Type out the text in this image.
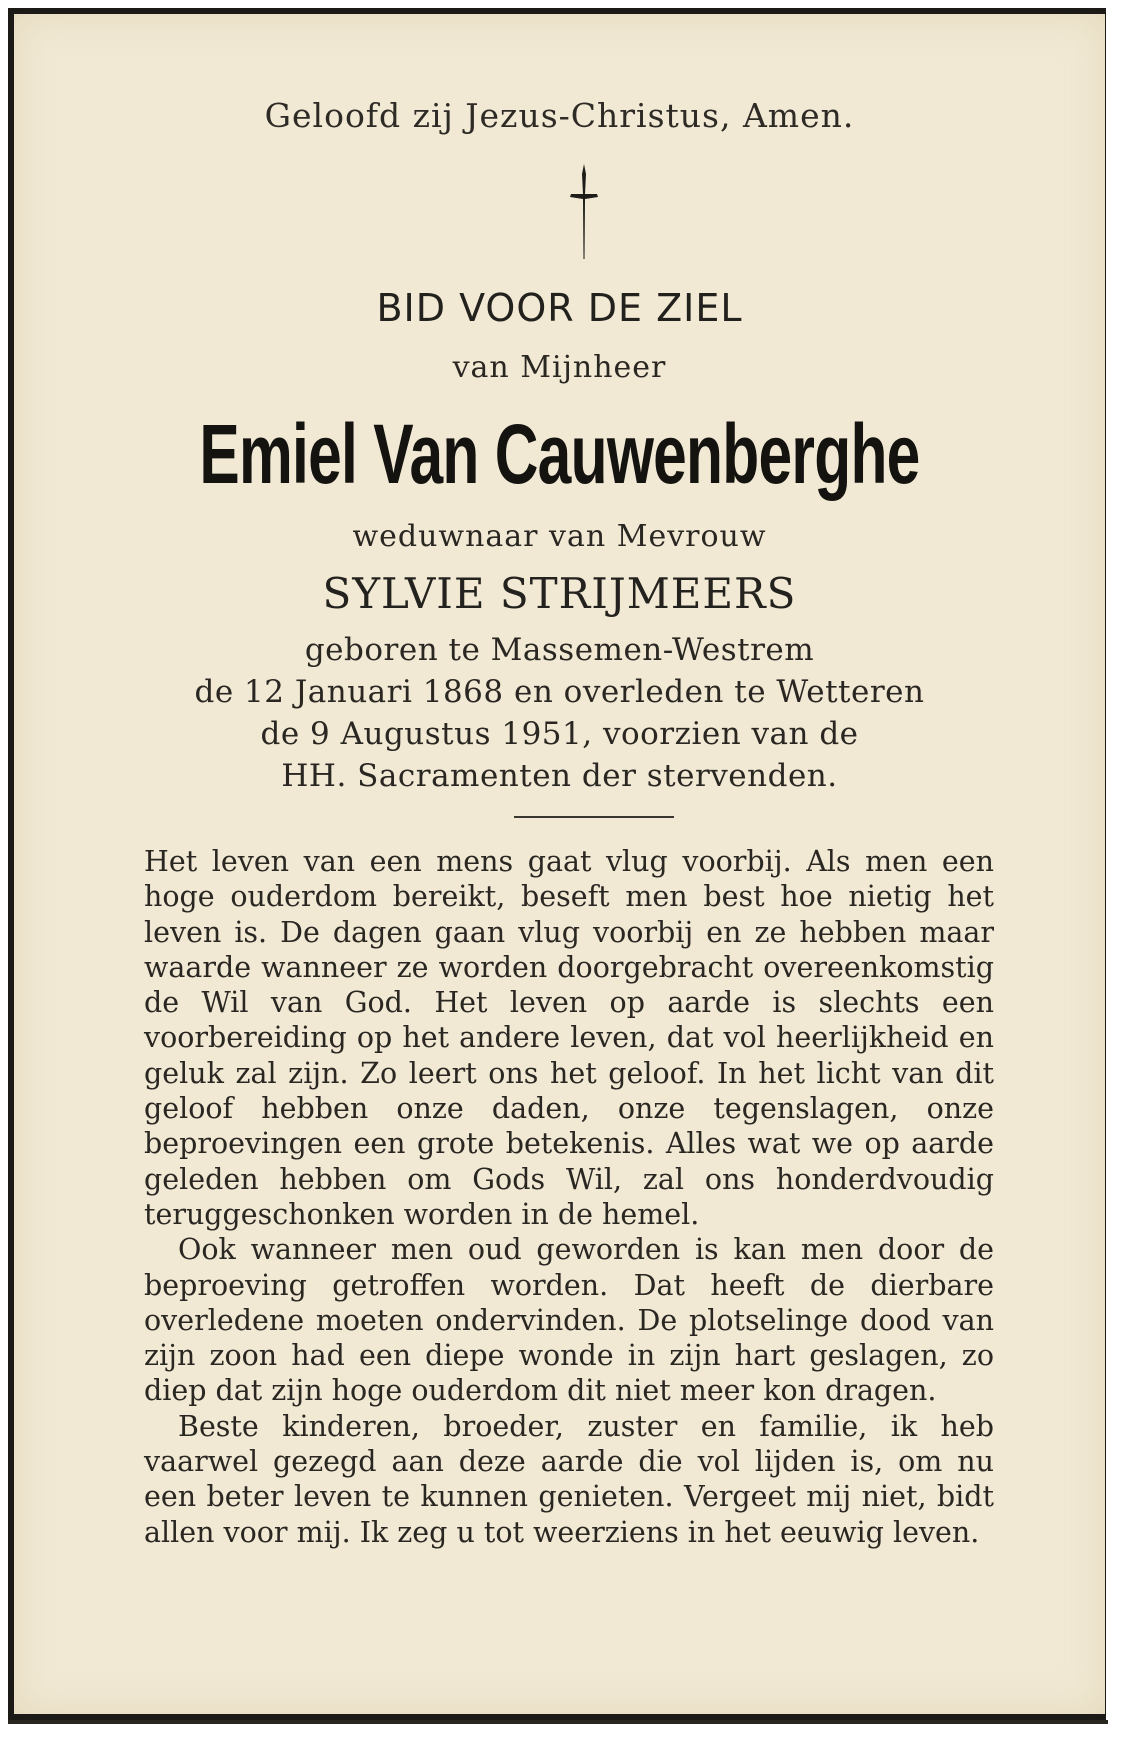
Geloofd zij Jezus-Christus, Amen.
BID VOOR DE ZIEL
van Mijnheer
Emiel Van Cauwenberghe
weduwnaar van Mevrouw
SYLVIE STRIJMEERS
geboren te Massemen-Westrem
de 12 Januari 1868 en overleden te Wetteren
de 9 Augustus 1951, voorzien van de
HH. Sacramenten der stervenden.

Het leven van een mens gaat vlug voorbij. Als men een hoge ouderdom bereikt, beseft men best hoe nietig het leven is. De dagen gaan vlug voorbij en ze hebben maar waarde wanneer ze worden doorgebracht overeenkomstig de Wil van God. Het leven op aarde is slechts een voorbereiding op het andere leven, dat vol heerlijkheid en geluk zal zijn. Zo leert ons het geloof. In het licht van dit geloof hebben onze daden, onze tegenslagen, onze beproevingen een grote betekenis. Alles wat we op aarde geleden hebben om Gods Wil, zal ons honderdvoudig teruggeschonken worden in de hemel.

Ook wanneer men oud geworden is kan men door de beproeving getroffen worden. Dat heeft de dierbare overledene moeten ondervinden. De plotselinge dood van zijn zoon had een diepe wonde in zijn hart geslagen, zo diep dat zijn hoge ouderdom dit niet meer kon dragen.

Beste kinderen, broeder, zuster en familie, ik heb vaarwel gezegd aan deze aarde die vol lijden is, om nu een beter leven te kunnen genieten. Vergeet mij niet, bidt allen voor mij. Ik zeg u tot weerziens in het eeuwig leven.
